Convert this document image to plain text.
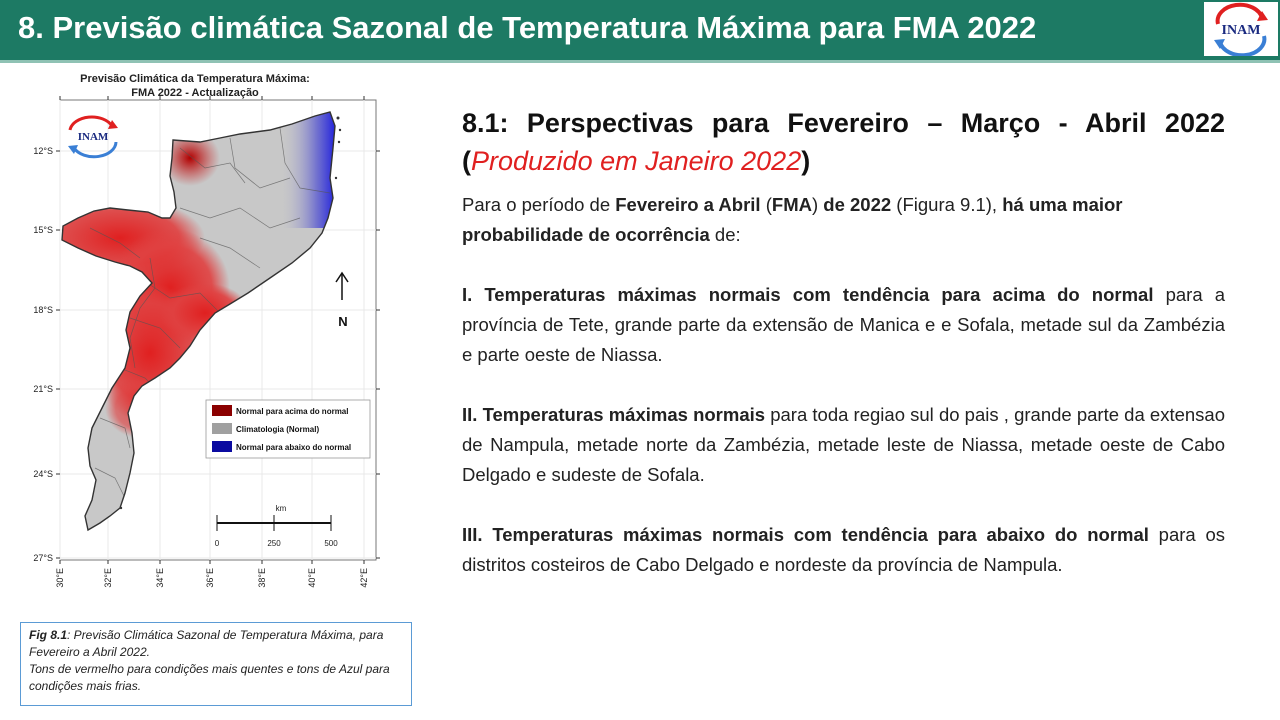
8. Previsão climática Sazonal de Temperatura Máxima para FMA 2022	INAM
Previsão Climática da Temperatura Máxima:
FMA 2022 - Actualização
12°S
15°S
18°S
21°S
24°S
27°S
30°E	32°E	34°E	36°E	38°E	40°E	42°E
INAM
N
Normal para acima do normal
Climatologia (Normal)
Normal para abaixo do normal
km
0	250	500
Fig 8.1: Previsão Climática Sazonal de Temperatura Máxima, para Fevereiro a Abril 2022.
Tons de vermelho para condições mais quentes e tons de Azul para condições mais frias.
8.1: Perspectivas para Fevereiro – Março - Abril 2022
(Produzido em Janeiro 2022)

Para o período de Fevereiro a Abril (FMA) de 2022 (Figura 9.1), há uma maior probabilidade de ocorrência de:

I. Temperaturas máximas normais com tendência para acima do normal para a província de Tete, grande parte da extensão de Manica e e Sofala, metade sul da Zambézia e parte oeste de Niassa.

II. Temperaturas máximas normais para toda regiao sul do pais , grande parte da extensao de Nampula, metade norte da Zambézia, metade leste de Niassa, metade oeste de Cabo Delgado e sudeste de Sofala.

III. Temperaturas máximas normais com tendência para abaixo do normal para os distritos costeiros de Cabo Delgado e nordeste da província de Nampula.
